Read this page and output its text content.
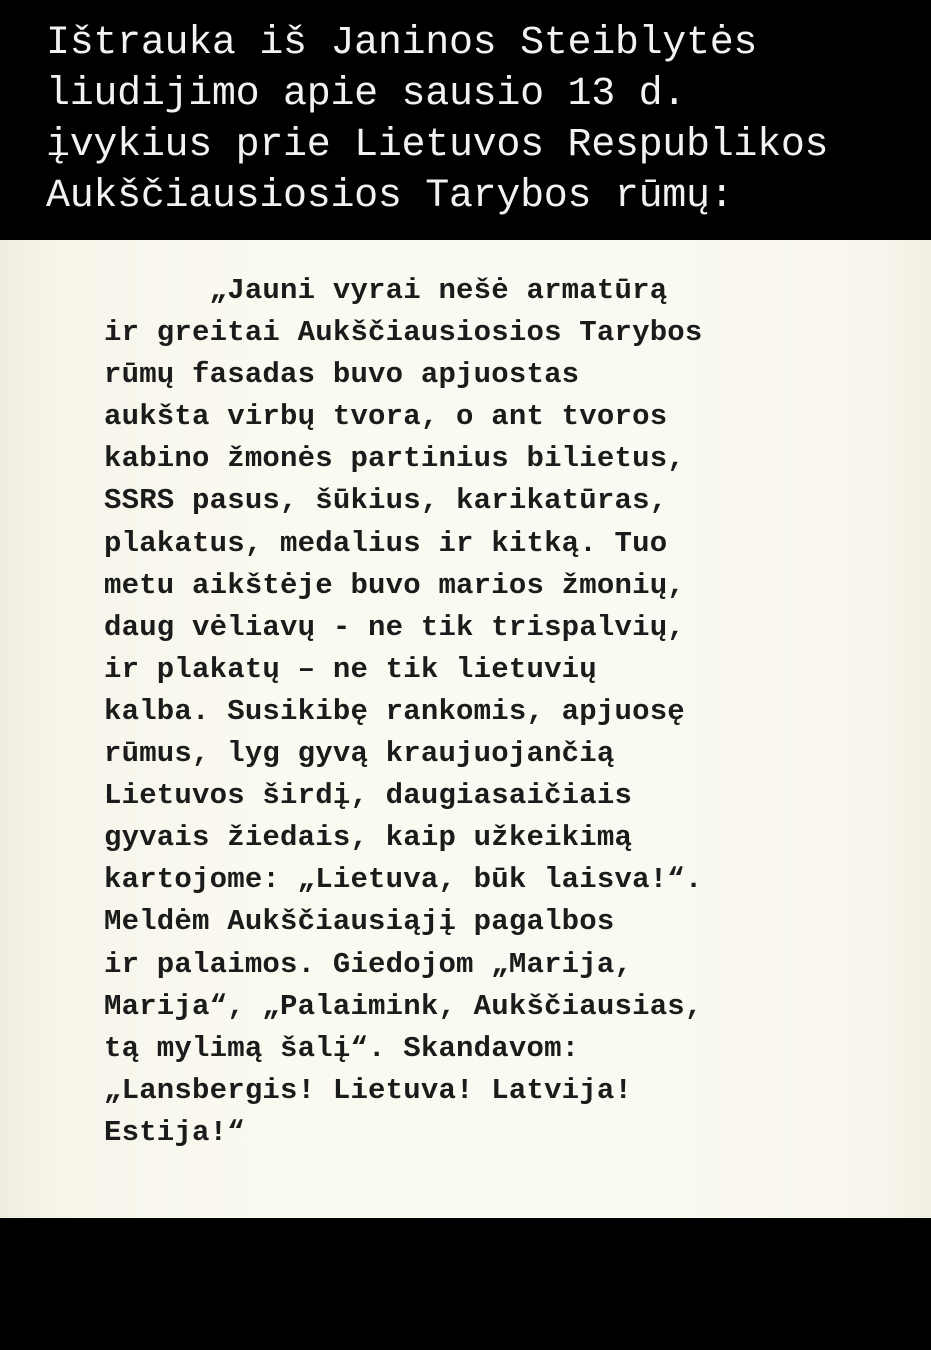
Ištrauka iš Janinos Steiblytės
liudijimo apie sausio 13 d.
įvykius prie Lietuvos Respublikos
Aukščiausiosios Tarybos rūmų:
„Jauni vyrai nešė armatūrą
ir greitai Aukščiausiosios Tarybos
rūmų fasadas buvo apjuostas
aukšta virbų tvora, o ant tvoros
kabino žmonės partinius bilietus,
SSRS pasus, šūkius, karikatūras,
plakatus, medalius ir kitką. Tuo
metu aikštėje buvo marios žmonių,
daug vėliavų - ne tik trispalvių,
ir plakatų – ne tik lietuvių
kalba. Susikibę rankomis, apjuosę
rūmus, lyg gyvą kraujuojančią
Lietuvos širdį, daugiasaičiais
gyvais žiedais, kaip užkeikimą
kartojome: „Lietuva, būk laisva!“.
Meldėm Aukščiausiąjį pagalbos
ir palaimos. Giedojom „Marija,
Marija“, „Palaimink, Aukščiausias,
tą mylimą šalį“. Skandavom:
„Lansbergis! Lietuva! Latvija!
Estija!“
